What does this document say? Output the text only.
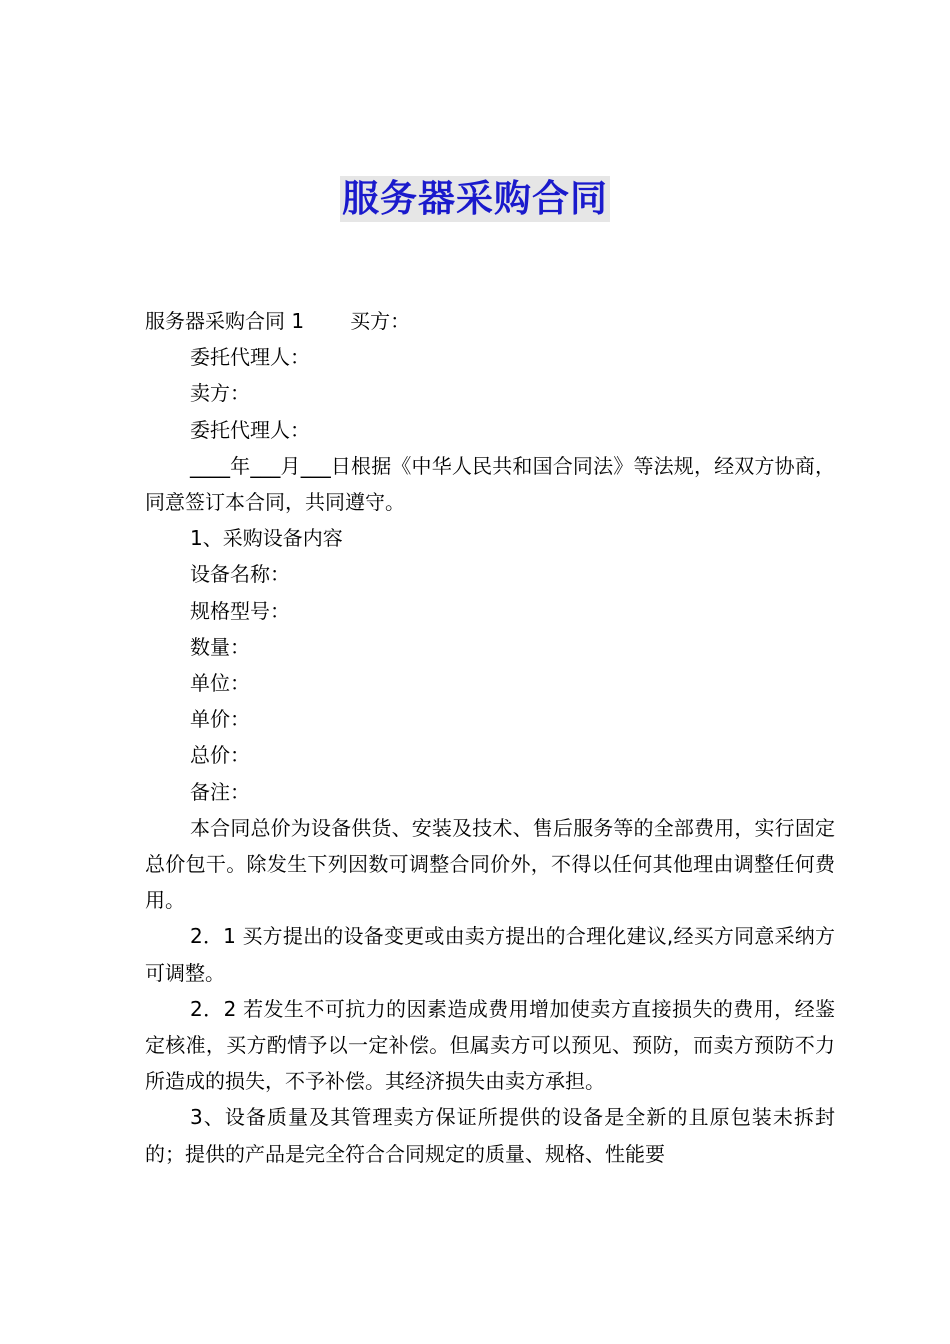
服务器采购合同

服务器采购合同 1 买方：

委托代理人：

卖方：

委托代理人：

____年___月___日根据《中华人民共和国合同法》等法规，经双方协商，同意签订本合同，共同遵守。

1、采购设备内容

设备名称：

规格型号：

数量：

单位：

单价：

总价：

备注：

本合同总价为设备供货、安装及技术、售后服务等的全部费用，实行固定总价包干。除发生下列因数可调整合同价外，不得以任何其他理由调整任何费用。

2．1 买方提出的设备变更或由卖方提出的合理化建议,经买方同意采纳方可调整。

2．2 若发生不可抗力的因素造成费用增加使卖方直接损失的费用，经鉴定核准，买方酌情予以一定补偿。但属卖方可以预见、预防，而卖方预防不力所造成的损失，不予补偿。其经济损失由卖方承担。

3、设备质量及其管理卖方保证所提供的设备是全新的且原包装未拆封的；提供的产品是完全符合合同规定的质量、规格、性能要
